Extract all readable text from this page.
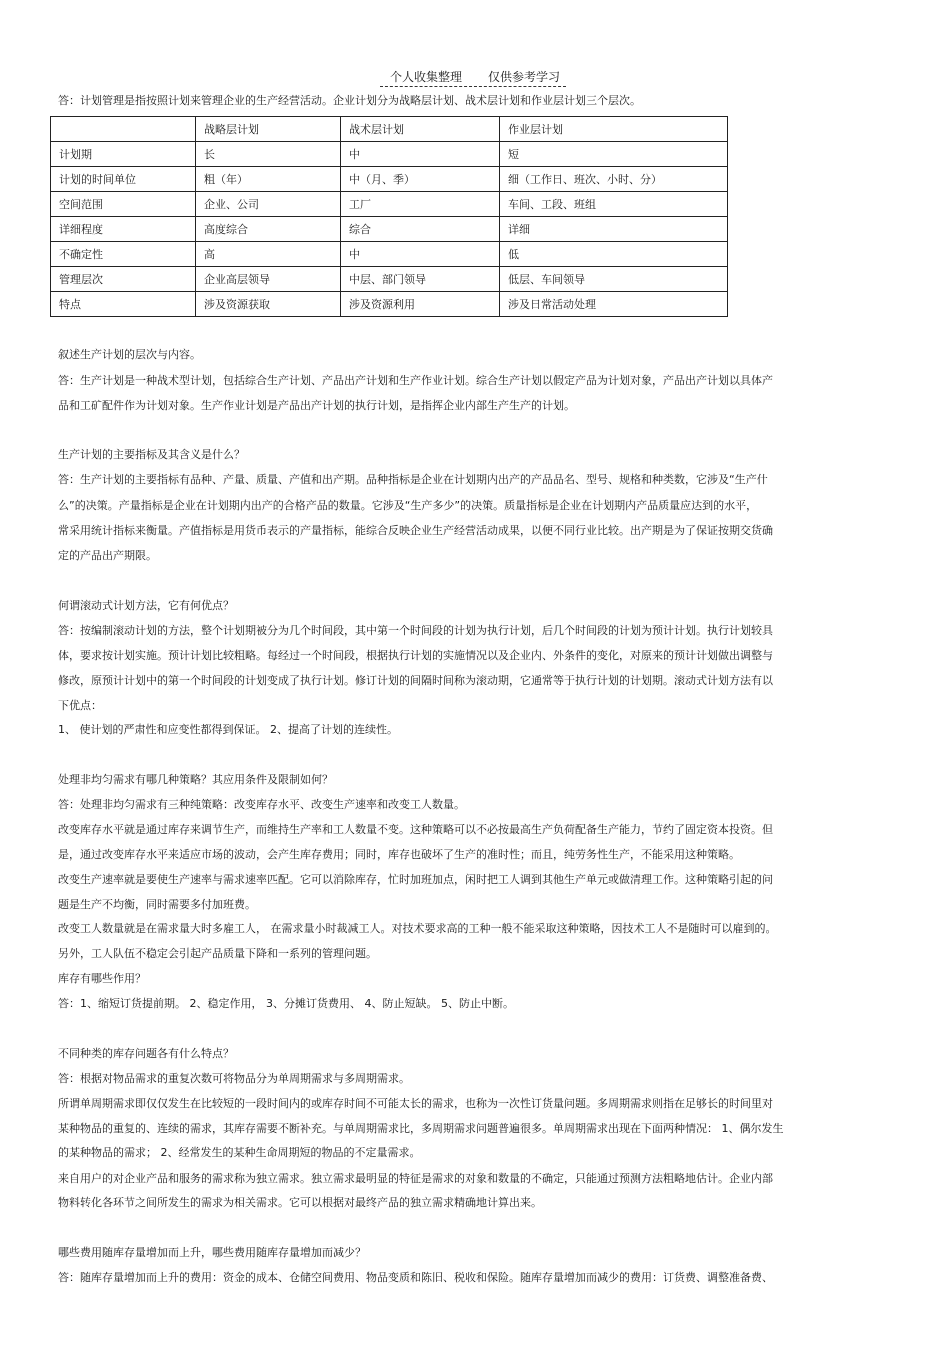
个人收集整理 仅供参考学习
答：计划管理是指按照计划来管理企业的生产经营活动。企业计划分为战略层计划、战术层计划和作业层计划三个层次。
	战略层计划	战术层计划	作业层计划
计划期	长	中	短
计划的时间单位	粗（年）	中（月、季）	细（工作日、班次、小时、分）
空间范围	企业、公司	工厂	车间、工段、班组
详细程度	高度综合	综合	详细
不确定性	高	中	低
管理层次	企业高层领导	中层、部门领导	低层、车间领导
特点	涉及资源获取	涉及资源利用	涉及日常活动处理
叙述生产计划的层次与内容。
答：生产计划是一种战术型计划，包括综合生产计划、产品出产计划和生产作业计划。综合生产计划以假定产品为计划对象，产品出产计划以具体产
品和工矿配件作为计划对象。生产作业计划是产品出产计划的执行计划，是指挥企业内部生产生产的计划。
生产计划的主要指标及其含义是什么？
答：生产计划的主要指标有品种、产量、质量、产值和出产期。品种指标是企业在计划期内出产的产品品名、型号、规格和种类数，它涉及“生产什
么”的决策。产量指标是企业在计划期内出产的合格产品的数量。它涉及“生产多少”的决策。质量指标是企业在计划期内产品质量应达到的水平，
常采用统计指标来衡量。产值指标是用货币表示的产量指标，能综合反映企业生产经营活动成果，以便不同行业比较。出产期是为了保证按期交货确
定的产品出产期限。
何谓滚动式计划方法，它有何优点？
答：按编制滚动计划的方法，整个计划期被分为几个时间段，其中第一个时间段的计划为执行计划，后几个时间段的计划为预计计划。执行计划较具
体，要求按计划实施。预计计划比较粗略。每经过一个时间段，根据执行计划的实施情况以及企业内、外条件的变化，对原来的预计计划做出调整与
修改，原预计计划中的第一个时间段的计划变成了执行计划。修订计划的间隔时间称为滚动期，它通常等于执行计划的计划期。滚动式计划方法有以
下优点：
1、 使计划的严肃性和应变性都得到保证。 2、提高了计划的连续性。
处理非均匀需求有哪几种策略？其应用条件及限制如何？
答：处理非均匀需求有三种纯策略：改变库存水平、改变生产速率和改变工人数量。
改变库存水平就是通过库存来调节生产，而维持生产率和工人数量不变。这种策略可以不必按最高生产负荷配备生产能力，节约了固定资本投资。但
是，通过改变库存水平来适应市场的波动，会产生库存费用；同时，库存也破坏了生产的准时性；而且，纯劳务性生产，不能采用这种策略。
改变生产速率就是要使生产速率与需求速率匹配。它可以消除库存，忙时加班加点，闲时把工人调到其他生产单元或做清理工作。这种策略引起的问
题是生产不均衡，同时需要多付加班费。
改变工人数量就是在需求量大时多雇工人， 在需求量小时裁减工人。对技术要求高的工种一般不能采取这种策略，因技术工人不是随时可以雇到的。
另外，工人队伍不稳定会引起产品质量下降和一系列的管理问题。
库存有哪些作用？
答：1、缩短订货提前期。 2、稳定作用， 3、分摊订货费用、 4、防止短缺。 5、防止中断。
不同种类的库存问题各有什么特点？
答：根据对物品需求的重复次数可将物品分为单周期需求与多周期需求。
所谓单周期需求即仅仅发生在比较短的一段时间内的或库存时间不可能太长的需求，也称为一次性订货量问题。多周期需求则指在足够长的时间里对
某种物品的重复的、连续的需求，其库存需要不断补充。与单周期需求比，多周期需求问题普遍很多。单周期需求出现在下面两种情况： 1、偶尔发生
的某种物品的需求； 2、经常发生的某种生命周期短的物品的不定量需求。
来自用户的对企业产品和服务的需求称为独立需求。独立需求最明显的特征是需求的对象和数量的不确定，只能通过预测方法粗略地估计。企业内部
物料转化各环节之间所发生的需求为相关需求。它可以根据对最终产品的独立需求精确地计算出来。
哪些费用随库存量增加而上升，哪些费用随库存量增加而减少？
答：随库存量增加而上升的费用：资金的成本、仓储空间费用、物品变质和陈旧、税收和保险。随库存量增加而减少的费用：订货费、调整准备费、
